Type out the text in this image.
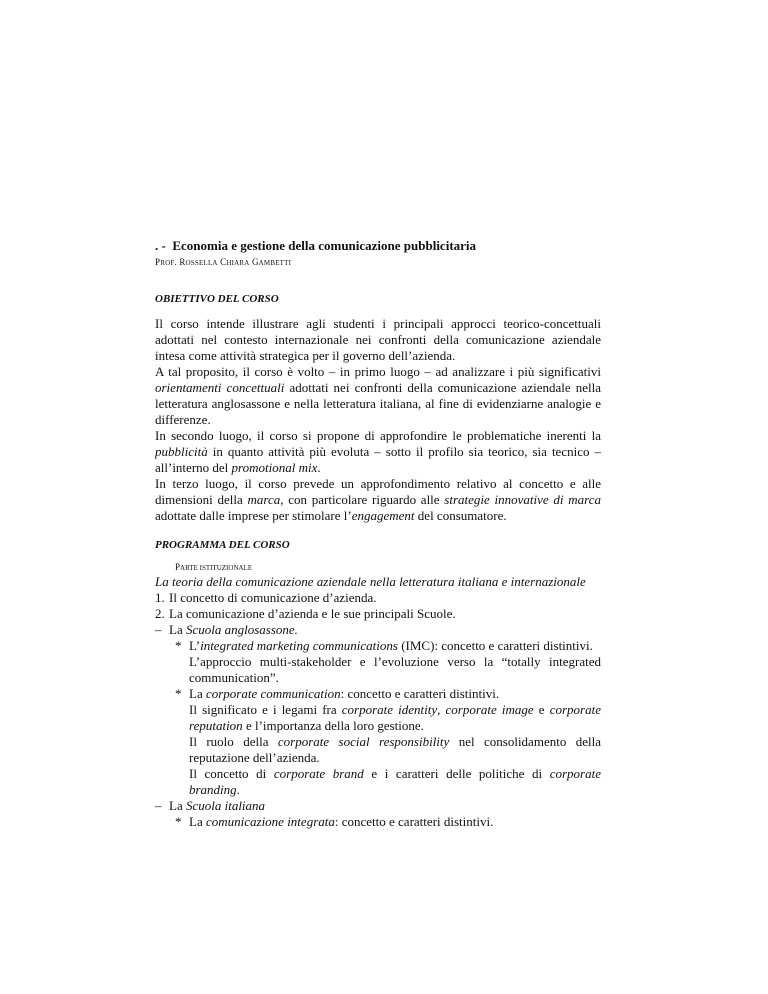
. - Economia e gestione della comunicazione pubblicitaria

PROF. ROSSELLA CHIARA GAMBETTI

OBIETTIVO DEL CORSO

Il corso intende illustrare agli studenti i principali approcci teorico-concettuali adottati nel contesto internazionale nei confronti della comunicazione aziendale intesa come attività strategica per il governo dell’azienda.

A tal proposito, il corso è volto – in primo luogo – ad analizzare i più significativi orientamenti concettuali adottati nei confronti della comunicazione aziendale nella letteratura anglosassone e nella letteratura italiana, al fine di evidenziarne analogie e differenze.

In secondo luogo, il corso si propone di approfondire le problematiche inerenti la pubblicità in quanto attività più evoluta – sotto il profilo sia teorico, sia tecnico – all’interno del promotional mix.

In terzo luogo, il corso prevede un approfondimento relativo al concetto e alle dimensioni della marca, con particolare riguardo alle strategie innovative di marca adottate dalle imprese per stimolare l’engagement del consumatore.

PROGRAMMA DEL CORSO

PARTE ISTITUZIONALE

La teoria della comunicazione aziendale nella letteratura italiana e internazionale

1. Il concetto di comunicazione d’azienda.
2. La comunicazione d’azienda e le sue principali Scuole.
– La Scuola anglosassone.
* L’integrated marketing communications (IMC): concetto e caratteri distintivi.

L’approccio multi-stakeholder e l’evoluzione verso la “totally integrated communication”.

* La corporate communication: concetto e caratteri distintivi.

Il significato e i legami fra corporate identity, corporate image e corporate reputation e l’importanza della loro gestione.

Il ruolo della corporate social responsibility nel consolidamento della reputazione dell’azienda.

Il concetto di corporate brand e i caratteri delle politiche di corporate branding.

– La Scuola italiana
* La comunicazione integrata: concetto e caratteri distintivi.
